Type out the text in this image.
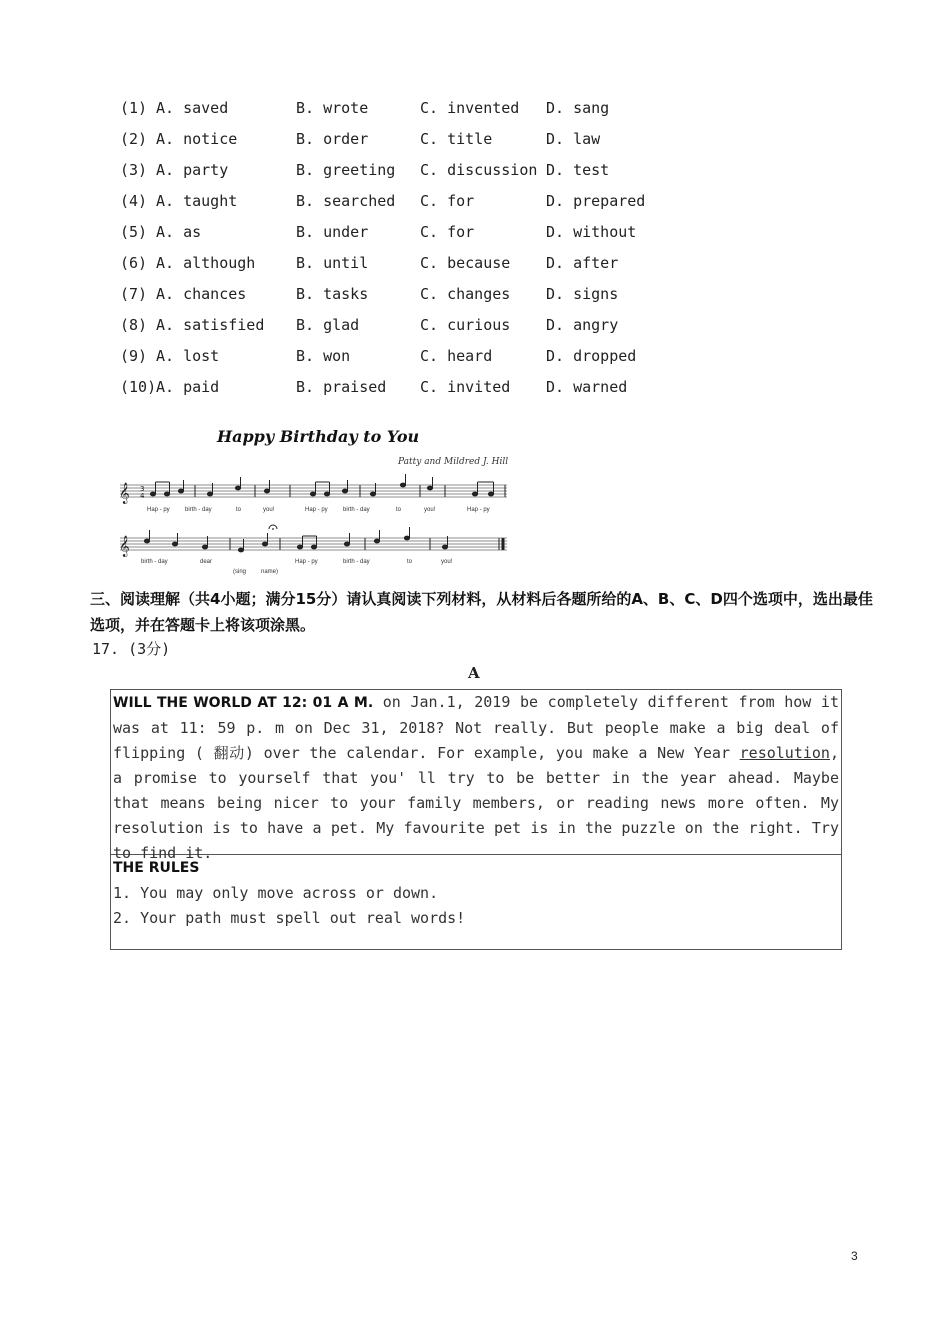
(1) A. saved	B. wrote	C. invented D. sang
(2) A. notice	B. order	C. title	D. law
(3) A. party	B. greeting C. discussion D. test
(4) A. taught	B. searched C. for	D. prepared
(5) A. as	B. under	C. for	D. without
(6) A. although	B. until	C. because D. after
(7) A. chances	B. tasks	C. changes D. signs
(8) A. satisfied B. glad	C. curious D. angry
(9) A. lost	B. won	C. heard	D. dropped
(10) A. paid	B. praised C. invited D. warned
Happy Birthday to You
Patty and Mildred J. Hill
𝄞
𝄞
3
4
Hap - py	birth - day	to	you!	Hap - py	birth - day	to	you!	Hap - py
birth - day	dear
(sing name)
Hap - py	birth - day	to	you!
三、阅读理解（共4小题；满分15分）请认真阅读下列材料，从材料后各题所给的A、B、C、D四个选项中，选出最佳选项，并在答题卡上将该项涂黑。
17. (3分)
A
WILL THE WORLD AT 12: 01 A M. on Jan.1, 2019 be completely different from how it was at 11: 59 p. m on Dec 31, 2018? Not really. But people make a big deal of flipping ( 翻动) over the calendar. For example, you make a New Year resolution, a promise to yourself that you' ll try to be better in the year ahead. Maybe that means being nicer to your family members, or reading news more often. My resolution is to have a pet. My favourite pet is in the puzzle on the right. Try to find it.
THE RULES
1. You may only move across or down.
2. Your path must spell out real words!
3
